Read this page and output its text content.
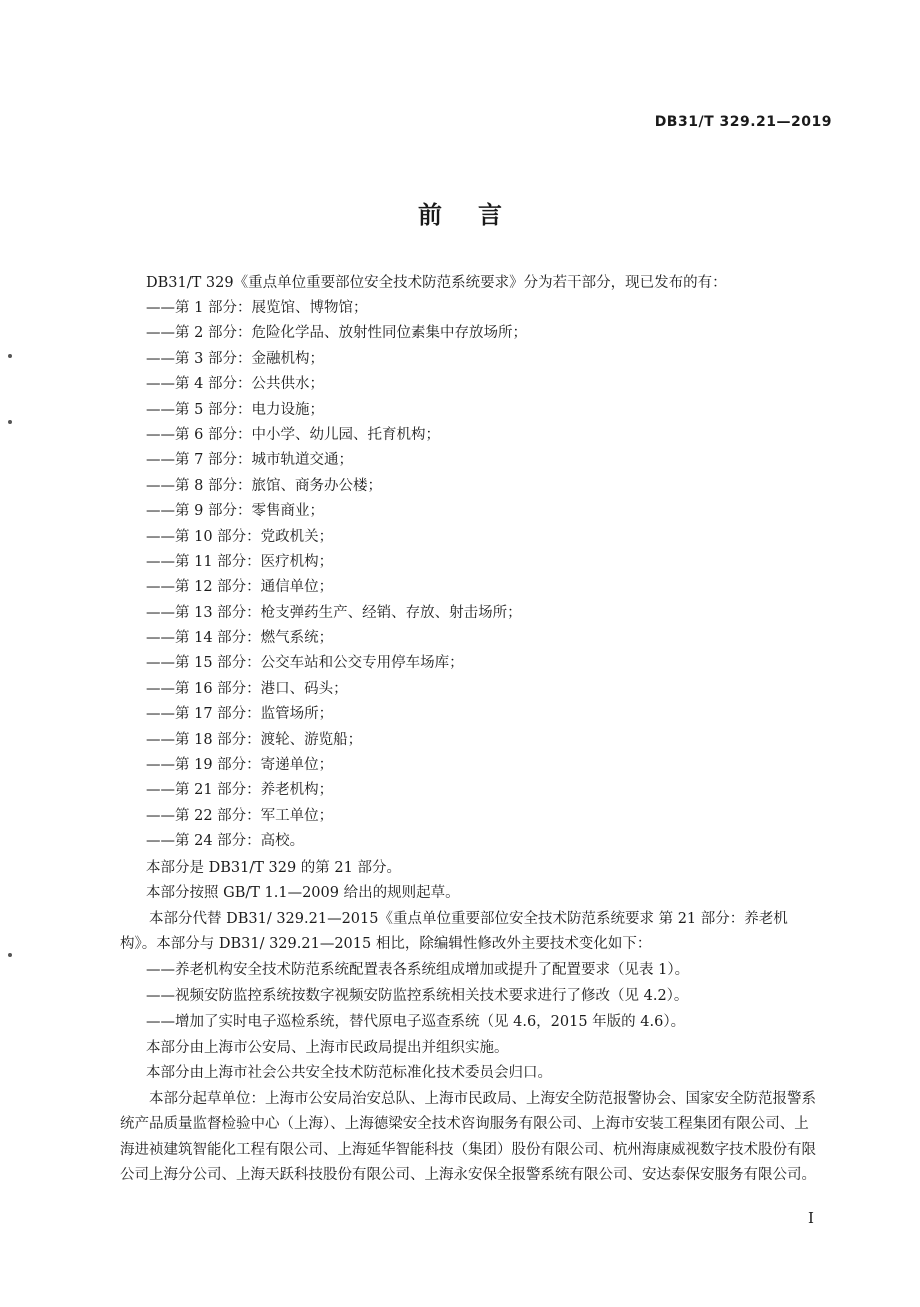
DB31/T 329.21—2019
前言
DB31/T 329《重点单位重要部位安全技术防范系统要求》分为若干部分，现已发布的有：
——第 1 部分：展览馆、博物馆；
——第 2 部分：危险化学品、放射性同位素集中存放场所；
——第 3 部分：金融机构；
——第 4 部分：公共供水；
——第 5 部分：电力设施；
——第 6 部分：中小学、幼儿园、托育机构；
——第 7 部分：城市轨道交通；
——第 8 部分：旅馆、商务办公楼；
——第 9 部分：零售商业；
——第 10 部分：党政机关；
——第 11 部分：医疗机构；
——第 12 部分：通信单位；
——第 13 部分：枪支弹药生产、经销、存放、射击场所；
——第 14 部分：燃气系统；
——第 15 部分：公交车站和公交专用停车场库；
——第 16 部分：港口、码头；
——第 17 部分：监管场所；
——第 18 部分：渡轮、游览船；
——第 19 部分：寄递单位；
——第 21 部分：养老机构；
——第 22 部分：军工单位；
——第 24 部分：高校。
本部分是 DB31/T 329 的第 21 部分。
本部分按照 GB/T 1.1—2009 给出的规则起草。

本部分代替 DB31/ 329.21—2015《重点单位重要部位安全技术防范系统要求 第 21 部分：养老机构》。本部分与 DB31/ 329.21—2015 相比，除编辑性修改外主要技术变化如下：

——养老机构安全技术防范系统配置表各系统组成增加或提升了配置要求（见表 1）。
——视频安防监控系统按数字视频安防监控系统相关技术要求进行了修改（见 4.2）。
——增加了实时电子巡检系统，替代原电子巡查系统（见 4.6，2015 年版的 4.6）。
本部分由上海市公安局、上海市民政局提出并组织实施。
本部分由上海市社会公共安全技术防范标准化技术委员会归口。

本部分起草单位：上海市公安局治安总队、上海市民政局、上海安全防范报警协会、国家安全防范报警系统产品质量监督检验中心（上海）、上海德梁安全技术咨询服务有限公司、上海市安装工程集团有限公司、上海进祯建筑智能化工程有限公司、上海延华智能科技（集团）股份有限公司、杭州海康威视数字技术股份有限公司上海分公司、上海天跃科技股份有限公司、上海永安保全报警系统有限公司、安达泰保安服务有限公司。

I
